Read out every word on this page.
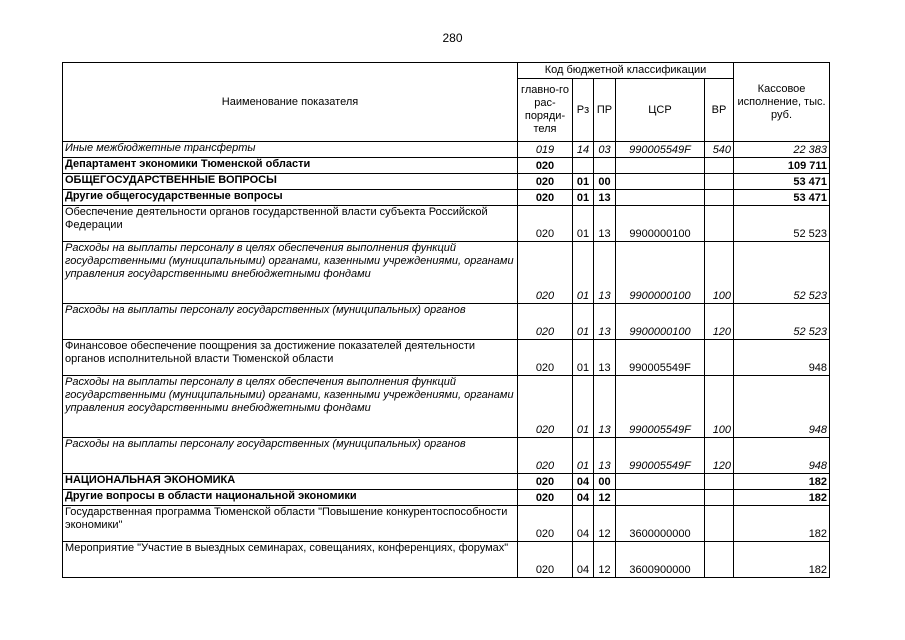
280
Наименование показателя	Код бюджетной классификации					Кассовое исполнение, тыс. руб.
	главно-го рас-поряди-теля	Рз	ПР	ЦСР	ВР	
Иные межбюджетные трансферты	019	14	03	990005549F	540	22 383
Департамент экономики Тюменской области	020					109 711
ОБЩЕГОСУДАРСТВЕННЫЕ ВОПРОСЫ	020	01	00			53 471
Другие общегосударственные вопросы	020	01	13			53 471
Обеспечение деятельности органов государственной власти субъекта Российской Федерации	020	01	13	9900000100		52 523
Расходы на выплаты персоналу в целях обеспечения выполнения функций государственными (муниципальными) органами, казенными учреждениями, органами управления государственными внебюджетными фондами	020	01	13	9900000100	100	52 523
Расходы на выплаты персоналу государственных (муниципальных) органов	020	01	13	9900000100	120	52 523
Финансовое обеспечение поощрения за достижение показателей деятельности органов исполнительной власти Тюменской области	020	01	13	990005549F		948
Расходы на выплаты персоналу в целях обеспечения выполнения функций государственными (муниципальными) органами, казенными учреждениями, органами управления государственными внебюджетными фондами	020	01	13	990005549F	100	948
Расходы на выплаты персоналу государственных (муниципальных) органов	020	01	13	990005549F	120	948
НАЦИОНАЛЬНАЯ ЭКОНОМИКА	020	04	00			182
Другие вопросы в области национальной экономики	020	04	12			182
Государственная программа Тюменской области "Повышение конкурентоспособности экономики"	020	04	12	3600000000		182
Мероприятие "Участие в выездных семинарах, совещаниях, конференциях, форумах"	020	04	12	3600900000		182
